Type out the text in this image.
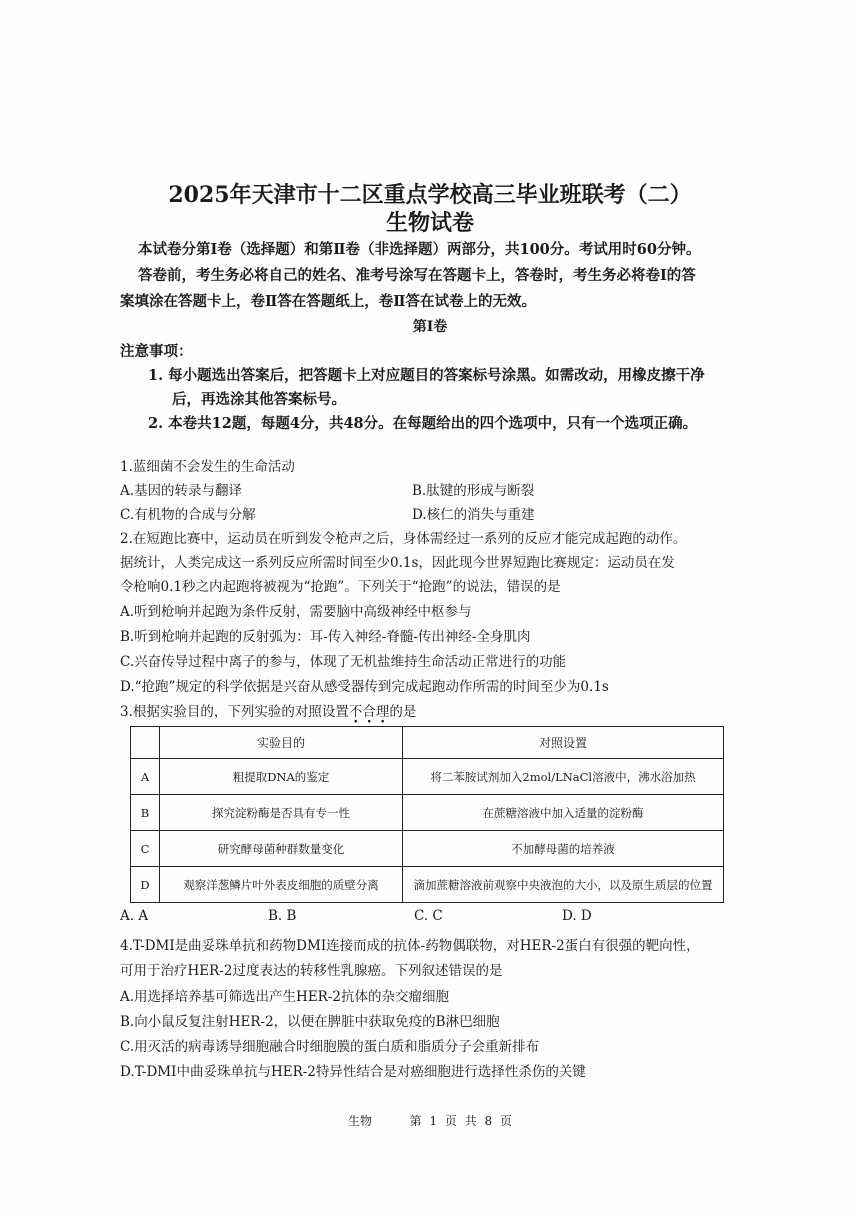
2025年天津市十二区重点学校高三毕业班联考（二）
生物试卷
本试卷分第Ⅰ卷（选择题）和第Ⅱ卷（非选择题）两部分，共100分。考试用时60分钟。
答卷前，考生务必将自己的姓名、准考号涂写在答题卡上，答卷时，考生务必将卷Ⅰ的答
案填涂在答题卡上，卷Ⅱ答在答题纸上，卷Ⅱ答在试卷上的无效。
第Ⅰ卷
注意事项：
1. 每小题选出答案后，把答题卡上对应题目的答案标号涂黑。如需改动，用橡皮擦干净
后，再选涂其他答案标号。
2. 本卷共12题，每题4分，共48分。在每题给出的四个选项中，只有一个选项正确。
1.蓝细菌不会发生的生命活动
A.基因的转录与翻译	B.肽键的形成与断裂
C.有机物的合成与分解	D.核仁的消失与重建
2.在短跑比赛中，运动员在听到发令枪声之后，身体需经过一系列的反应才能完成起跑的动作。
据统计，人类完成这一系列反应所需时间至少0.1s，因此现今世界短跑比赛规定：运动员在发
令枪响0.1秒之内起跑将被视为“抢跑”。下列关于“抢跑”的说法，错误的是
A.听到枪响并起跑为条件反射，需要脑中高级神经中枢参与
B.听到枪响并起跑的反射弧为：耳-传入神经-脊髓-传出神经-全身肌肉
C.兴奋传导过程中离子的参与，体现了无机盐维持生命活动正常进行的功能
D.“抢跑”规定的科学依据是兴奋从感受器传到完成起跑动作所需的时间至少为0.1s
3.根据实验目的，下列实验的对照设置不合理的是
	实验目的	对照设置
A	粗提取DNA的鉴定	将二苯胺试剂加入2mol/LNaCl溶液中，沸水浴加热
B	探究淀粉酶是否具有专一性	在蔗糖溶液中加入适量的淀粉酶
C	研究酵母菌种群数量变化	不加酵母菌的培养液
D	观察洋葱鳞片叶外表皮细胞的质壁分离	滴加蔗糖溶液前观察中央液泡的大小，以及原生质层的位置
A. A	B. B	C. C	D. D
4.T-DMI是曲妥珠单抗和药物DMI连接而成的抗体-药物偶联物，对HER-2蛋白有很强的靶向性，
可用于治疗HER-2过度表达的转移性乳腺癌。下列叙述错误的是
A.用选择培养基可筛选出产生HER-2抗体的杂交瘤细胞
B.向小鼠反复注射HER-2，以便在脾脏中获取免疫的B淋巴细胞
C.用灭活的病毒诱导细胞融合时细胞膜的蛋白质和脂质分子会重新排布
D.T-DMI中曲妥珠单抗与HER-2特异性结合是对癌细胞进行选择性杀伤的关键
生物	第 1 页 共 8 页
